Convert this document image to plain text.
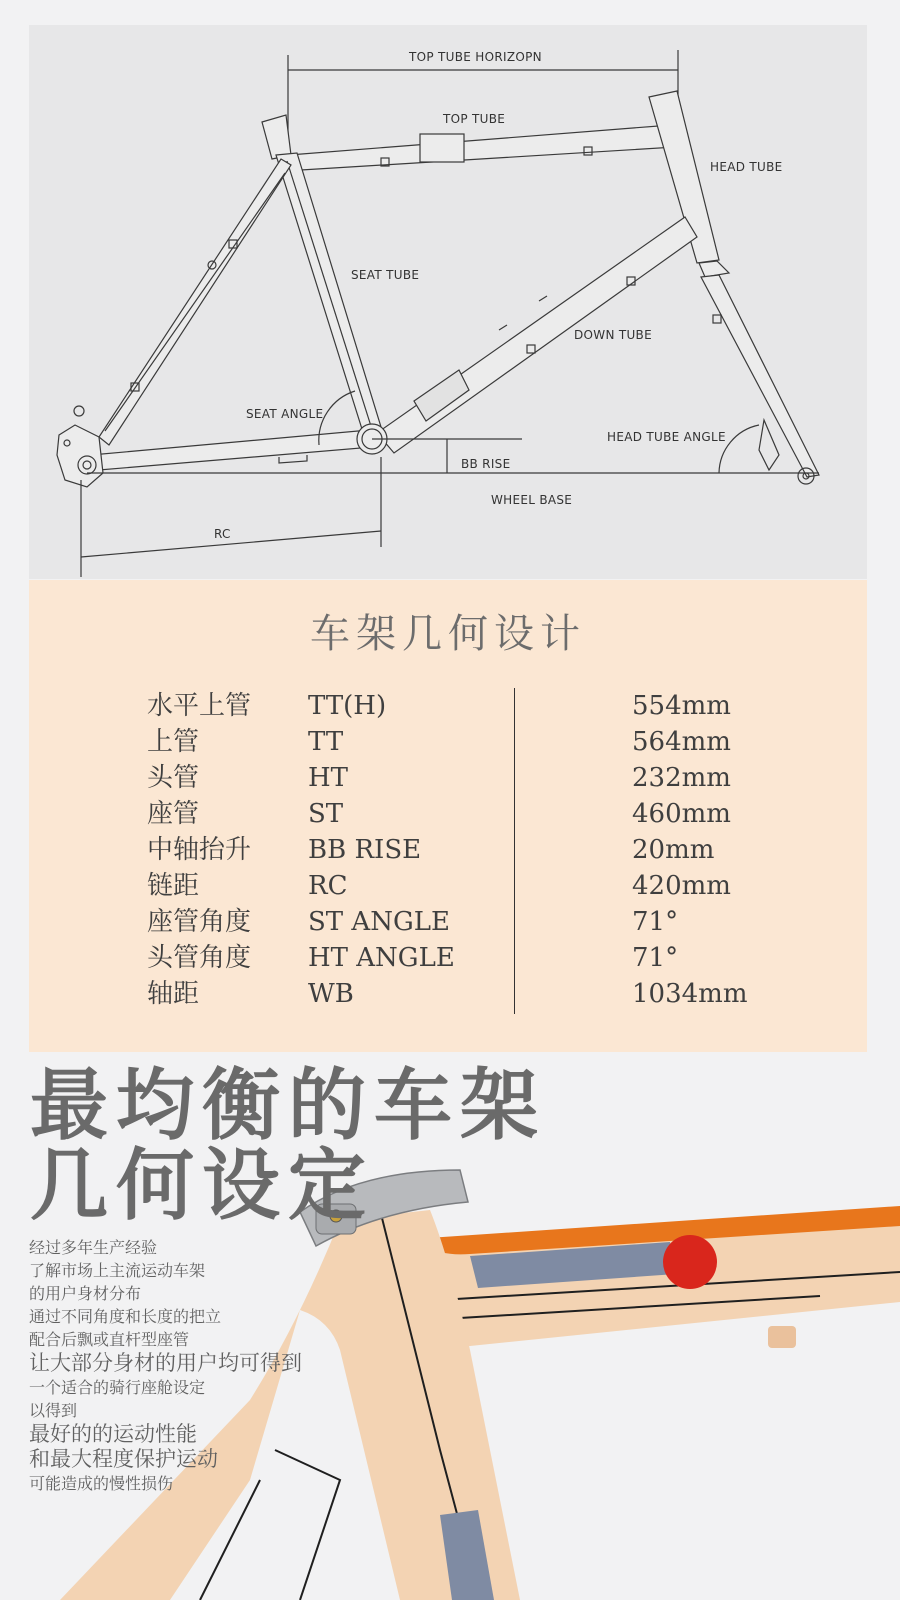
TOP TUBE HORIZOPN
TOP TUBE
HEAD TUBE
SEAT TUBE
DOWN TUBE
SEAT ANGLE
HEAD TUBE ANGLE
BB RISE
WHEEL BASE
RC
车架几何设计
水平上管 TT(H)	554mm
上管	TT	564mm
头管	HT	232mm
座管	ST	460mm
中轴抬升 BB RISE	20mm
链距	RC	420mm
座管角度 ST ANGLE	71°
头管角度 HT ANGLE	71°
轴距	WB	1034mm
最均衡的车架
几何设定
经过多年生产经验
了解市场上主流运动车架
的用户身材分布
通过不同角度和长度的把立
配合后飘或直杆型座管
让大部分身材的用户均可得到
一个适合的骑行座舱设定
以得到
最好的的运动性能
和最大程度保护运动
可能造成的慢性损伤
